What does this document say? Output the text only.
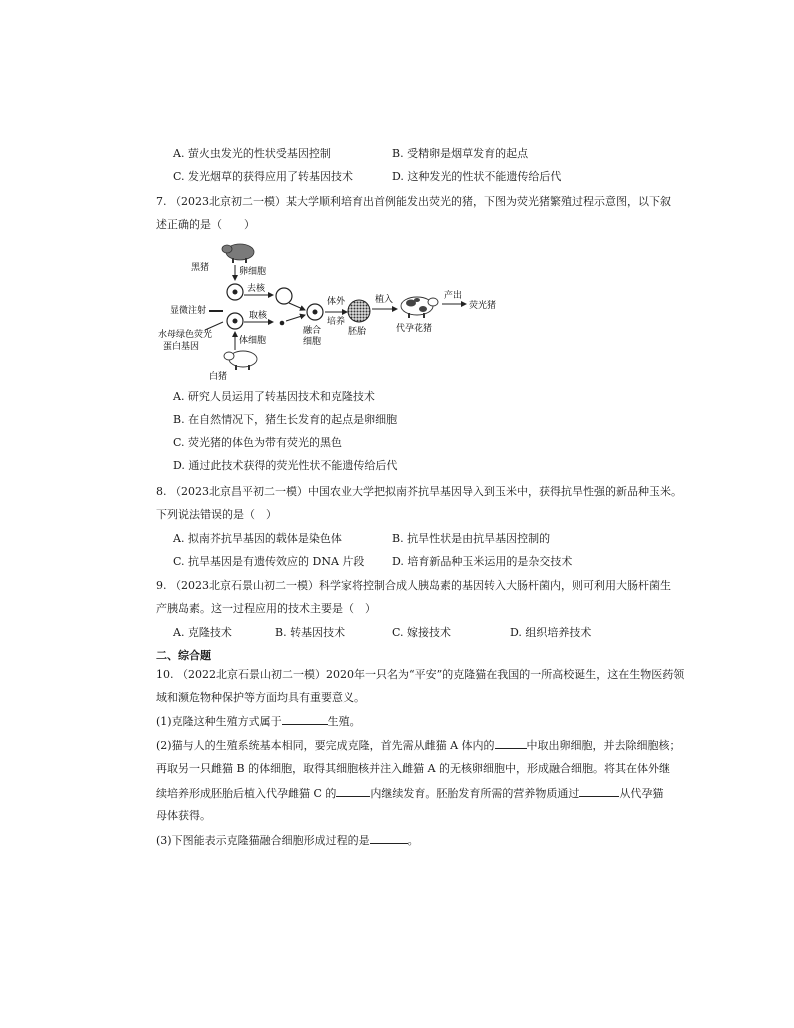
A. 萤火虫发光的性状受基因控制	B. 受精卵是烟草发育的起点
C. 发光烟草的获得应用了转基因技术	D. 这种发光的性状不能遗传给后代
7. （2023北京初二一模）某大学顺利培育出首例能发出荧光的猪，下图为荧光猪繁殖过程示意图，以下叙
述正确的是（　　）
黑猪	卵细胞
去核
显微注射
水母绿色荧光
蛋白基因
取核
体细胞
白猪
融合
细胞
体外
培养
胚胎
植入
代孕花猪
产出
荧光猪
A. 研究人员运用了转基因技术和克隆技术
B. 在自然情况下，猪生长发育的起点是卵细胞
C. 荧光猪的体色为带有荧光的黑色
D. 通过此技术获得的荧光性状不能遗传给后代
8. （2023北京昌平初二一模）中国农业大学把拟南芥抗旱基因导入到玉米中，获得抗旱性强的新品种玉米。
下列说法错误的是（　）
A. 拟南芥抗旱基因的载体是染色体	B. 抗旱性状是由抗旱基因控制的
C. 抗旱基因是有遗传效应的 DNA 片段	D. 培育新品种玉米运用的是杂交技术
9. （2023北京石景山初二一模）科学家将控制合成人胰岛素的基因转入大肠杆菌内，则可利用大肠杆菌生
产胰岛素。这一过程应用的技术主要是（　）
A. 克隆技术	B. 转基因技术	C. 嫁接技术	D. 组织培养技术
二、综合题
10. （2022北京石景山初二一模）2020年一只名为“平安”的克隆猫在我国的一所高校诞生，这在生物医药领
域和濒危物种保护等方面均具有重要意义。
(1)克隆这种生殖方式属于	生殖。
(2)猫与人的生殖系统基本相同，要完成克隆，首先需从雌猫 A 体内的	中取出卵细胞，并去除细胞核；
再取另一只雌猫 B 的体细胞，取得其细胞核并注入雌猫 A 的无核卵细胞中，形成融合细胞。将其在体外继
续培养形成胚胎后植入代孕雌猫 C 的	内继续发育。胚胎发育所需的营养物质通过	从代孕猫
母体获得。
(3)下图能表示克隆猫融合细胞形成过程的是	。
